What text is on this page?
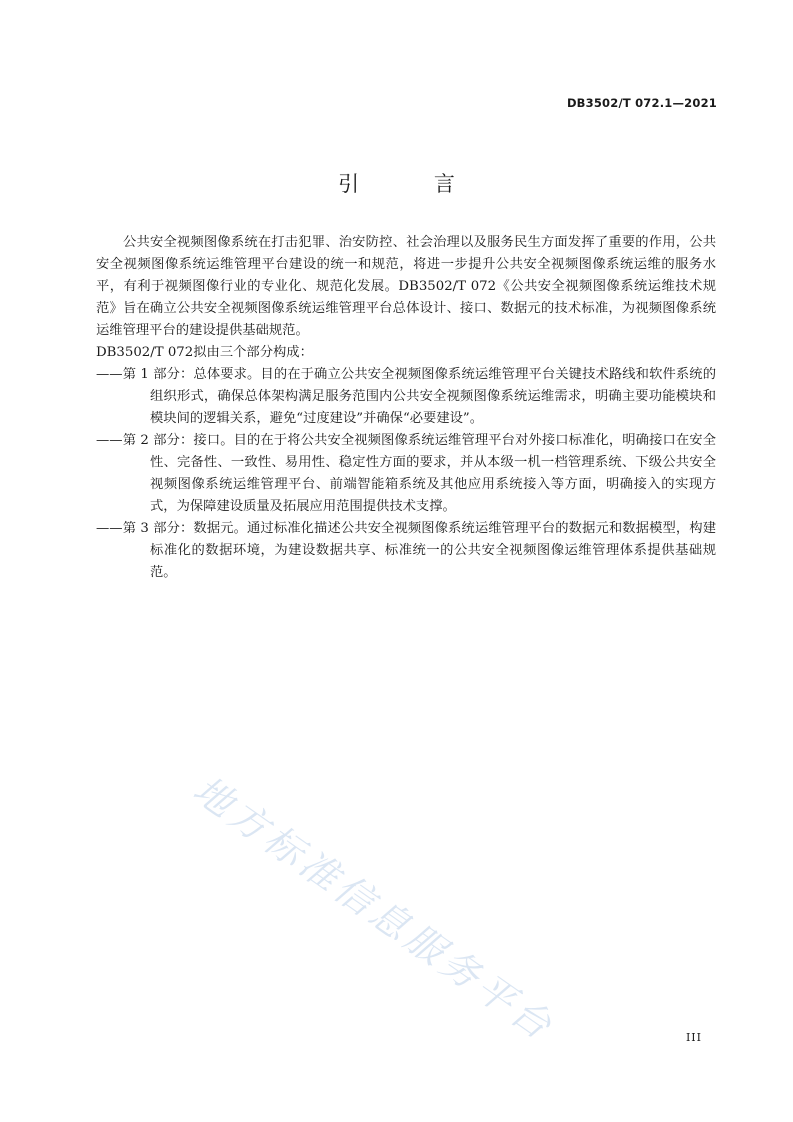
DB3502/T 072.1—2021
引 言

公共安全视频图像系统在打击犯罪、治安防控、社会治理以及服务民生方面发挥了重要的作用，公共安全视频图像系统运维管理平台建设的统一和规范，将进一步提升公共安全视频图像系统运维的服务水平，有利于视频图像行业的专业化、规范化发展。DB3502/T 072《公共安全视频图像系统运维技术规范》旨在确立公共安全视频图像系统运维管理平台总体设计、接口、数据元的技术标准，为视频图像系统运维管理平台的建设提供基础规范。

DB3502/T 072拟由三个部分构成：

——第 1 部分：总体要求。目的在于确立公共安全视频图像系统运维管理平台关键技术路线和软件系统的组织形式，确保总体架构满足服务范围内公共安全视频图像系统运维需求，明确主要功能模块和模块间的逻辑关系，避免“过度建设”并确保“必要建设”。

——第 2 部分：接口。目的在于将公共安全视频图像系统运维管理平台对外接口标准化，明确接口在安全性、完备性、一致性、易用性、稳定性方面的要求，并从本级一机一档管理系统、下级公共安全视频图像系统运维管理平台、前端智能箱系统及其他应用系统接入等方面，明确接入的实现方式，为保障建设质量及拓展应用范围提供技术支撑。

——第 3 部分：数据元。通过标准化描述公共安全视频图像系统运维管理平台的数据元和数据模型，构建标准化的数据环境，为建设数据共享、标准统一的公共安全视频图像运维管理体系提供基础规范。

地方标准信息服务平台	III
